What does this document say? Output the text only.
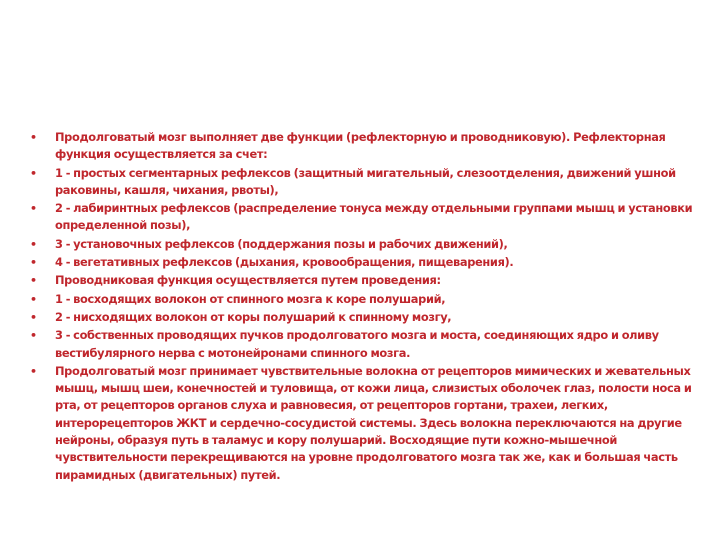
• Продолговатый мозг выполняет две функции (рефлекторную и проводниковую). Рефлекторная функция осуществляется за счет:
• 1 - простых сегментарных рефлексов (защитный мигательный, слезоотделения, движений ушной раковины, кашля, чихания, рвоты),
• 2 - лабиринтных рефлексов (распределение тонуса между отдельными группами мышц и установки определенной позы),
• 3 - установочных рефлексов (поддержания позы и рабочих движений),
• 4 - вегетативных рефлексов (дыхания, кровообращения, пищеварения).
• Проводниковая функция осуществляется путем проведения:
• 1 - восходящих волокон от спинного мозга к коре полушарий,
• 2 - нисходящих волокон от коры полушарий к спинному мозгу,
• 3 - собственных проводящих пучков продолговатого мозга и моста, соединяющих ядро и оливу вестибулярного нерва с мотонейронами спинного мозга.
• Продолговатый мозг принимает чувствительные волокна от рецепторов мимических и жевательных мышц, мышц шеи, конечностей и туловища, от кожи лица, слизистых оболочек глаз, полости носа и рта, от рецепторов органов слуха и равновесия, от рецепторов гортани, трахеи, легких, интерорецепторов ЖКТ и сердечно-сосудистой системы. Здесь волокна переключаются на другие нейроны, образуя путь в таламус и кору полушарий. Восходящие пути кожно-мышечной чувствительности перекрещиваются на уровне продолговатого мозга так же, как и большая часть пирамидных (двигательных) путей.
